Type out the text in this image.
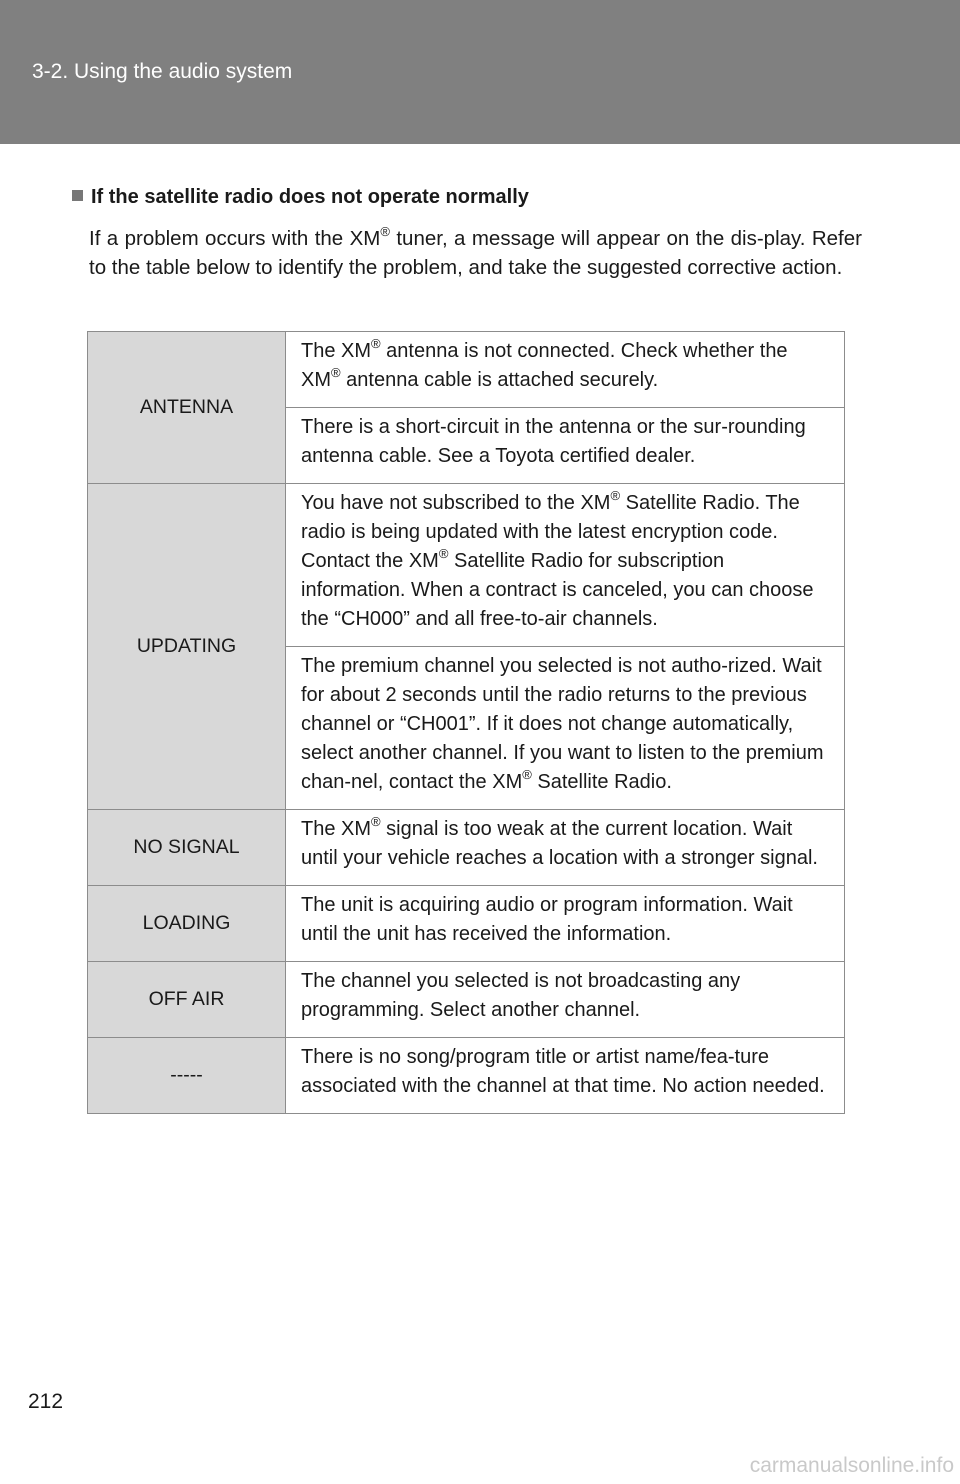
3-2. Using the audio system
If the satellite radio does not operate normally
If a problem occurs with the XM® tuner, a message will appear on the dis-play. Refer to the table below to identify the problem, and take the suggested corrective action.
ANTENNA	The XM® antenna is not connected. Check whether the XM® antenna cable is attached securely.
	There is a short-circuit in the antenna or the sur-rounding antenna cable. See a Toyota certified dealer.
UPDATING	You have not subscribed to the XM® Satellite Radio. The radio is being updated with the latest encryption code. Contact the XM® Satellite Radio for subscription information. When a contract is canceled, you can choose the “CH000” and all free-to-air channels.
	The premium channel you selected is not autho-rized. Wait for about 2 seconds until the radio returns to the previous channel or “CH001”. If it does not change automatically, select another channel. If you want to listen to the premium chan-nel, contact the XM® Satellite Radio.
NO SIGNAL	The XM® signal is too weak at the current location. Wait until your vehicle reaches a location with a stronger signal.
LOADING	The unit is acquiring audio or program information. Wait until the unit has received the information.
OFF AIR	The channel you selected is not broadcasting any programming. Select another channel.
-----	There is no song/program title or artist name/fea-ture associated with the channel at that time. No action needed.
212
carmanualsonline.info
